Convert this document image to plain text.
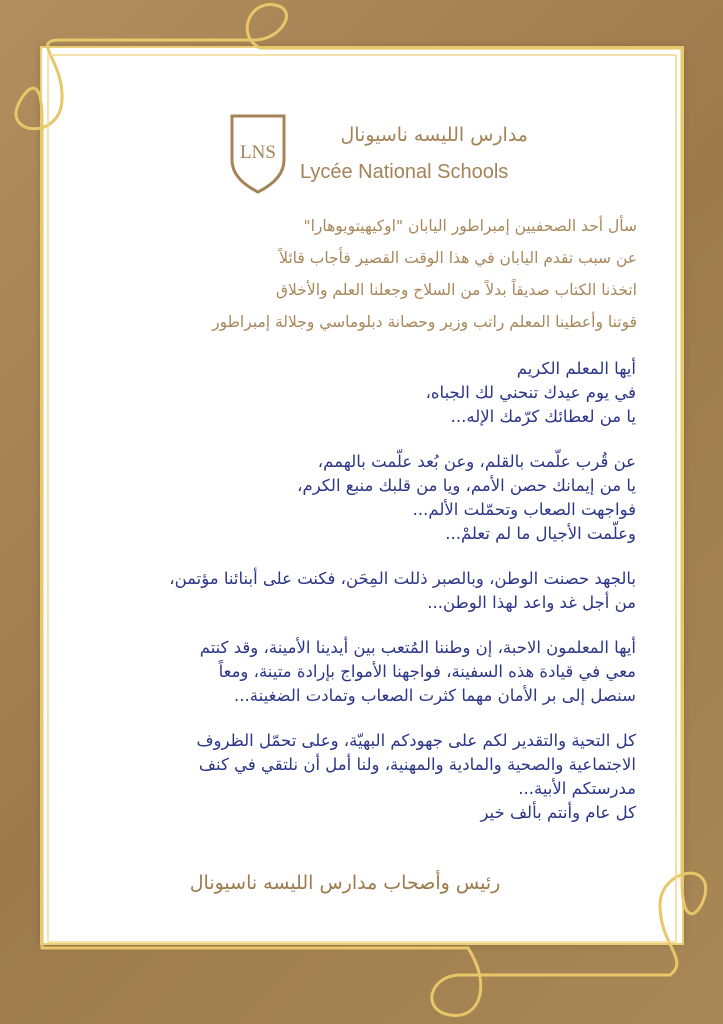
LNS
مدارس الليسه ناسيونال
Lycée National Schools
سأل أحد الصحفيين إمبراطور اليابان "اوكيهيتويوهارا"
عن سبب تقدم اليابان في هذا الوقت القصير فأجاب قائلاً
اتخذنا الكتاب صديقاً بدلاً من السلاح وجعلنا العلم والأخلاق
قوتنا وأعطينا المعلم راتب وزير وحصانة دبلوماسي وجلالة إمبراطور
أيها المعلم الكريم
في يوم عيدك تنحني لك الجباه،
يا من لعطائك كرّمك الإله...
عن قُرب علّمت بالقلم، وعن بُعد علّمت بالهمم،
يا من إيمانك حصن الأمم، ويا من قلبك منبع الكرم،
فواجهت الصعاب وتحمّلت الألم...
وعلّمت الأجيال ما لم تعلمْ...
بالجهد حصنت الوطن، وبالصبر ذللت المِحَن، فكنت على أبنائنا مؤتمن،
من أجل غد واعد لهذا الوطن...
أيها المعلمون الاحبة، إن وطننا المُتعب بين أيدينا الأمينة، وقد كنتم
معي في قيادة هذه السفينة، فواجهنا الأمواج بإرادة متينة، ومعاً
سنصل إلى بر الأمان مهما كثرت الصعاب وتمادت الضغينة...
كل التحية والتقدير لكم على جهودكم البهيّة، وعلى تحمّل الظروف
الاجتماعية والصحية والمادية والمهنية، ولنا أمل أن نلتقي في كنف
مدرستكم الأبية...
كل عام وأنتم بألف خير
رئيس وأصحاب مدارس الليسه ناسيونال
